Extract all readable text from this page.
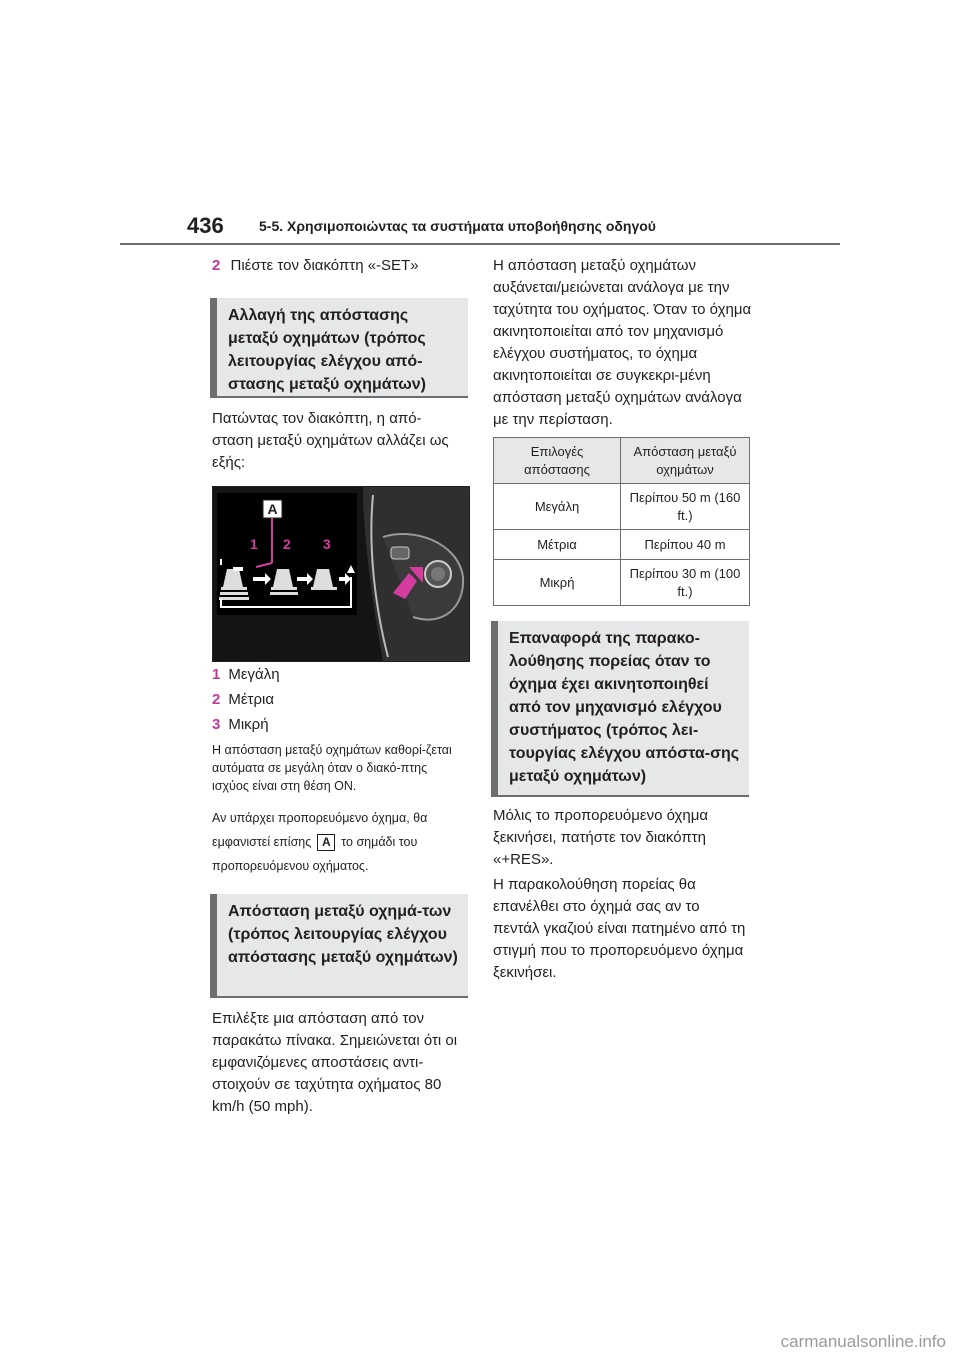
436	5-5. Χρησιμοποιώντας τα συστήματα υποβοήθησης οδηγού
2 Πιέστε τον διακόπτη «-SET»
Αλλαγή της απόστασης μεταξύ οχημάτων (τρόπος λειτουργίας ελέγχου από-στασης μεταξύ οχημάτων)
Πατώντας τον διακόπτη, η από-σταση μεταξύ οχημάτων αλλάζει ως εξής:
A
1 2 3

1 Μεγάλη

2 Μέτρια

3 Μικρή

Η απόσταση μεταξύ οχημάτων καθορί-ζεται αυτόματα σε μεγάλη όταν ο διακό-πτης ισχύος είναι στη θέση ON.
Αν υπάρχει προπορευόμενο όχημα, θα εμφανιστεί επίσης A το σημάδι του προπορευόμενου οχήματος.
Απόσταση μεταξύ οχημά-των (τρόπος λειτουργίας ελέγχου απόστασης μεταξύ οχημάτων)
Επιλέξτε μια απόσταση από τον παρακάτω πίνακα. Σημειώνεται ότι οι εμφανιζόμενες αποστάσεις αντι-στοιχούν σε ταχύτητα οχήματος 80 km/h (50 mph).
Η απόσταση μεταξύ οχημάτων αυξάνεται/μειώνεται ανάλογα με την ταχύτητα του οχήματος. Όταν το όχημα ακινητοποιείται από τον μηχανισμό ελέγχου συστήματος, το όχημα ακινητοποιείται σε συγκεκρι-μένη απόσταση μεταξύ οχημάτων ανάλογα με την περίσταση.
Επιλογές απόστασης	Απόσταση μεταξύ οχημάτων
Μεγάλη	Περίπου 50 m (160 ft.)
Μέτρια	Περίπου 40 m
Μικρή	Περίπου 30 m (100 ft.)
Επαναφορά της παρακο-λούθησης πορείας όταν το όχημα έχει ακινητοποιηθεί από τον μηχανισμό ελέγχου συστήματος (τρόπος λει-τουργίας ελέγχου απόστα-σης μεταξύ οχημάτων)
Μόλις το προπορευόμενο όχημα ξεκινήσει, πατήστε τον διακόπτη «+RES».
Η παρακολούθηση πορείας θα επανέλθει στο όχημά σας αν το πεντάλ γκαζιού είναι πατημένο από τη στιγμή που το προπορευόμενο όχημα ξεκινήσει.
carmanualsonline.info
